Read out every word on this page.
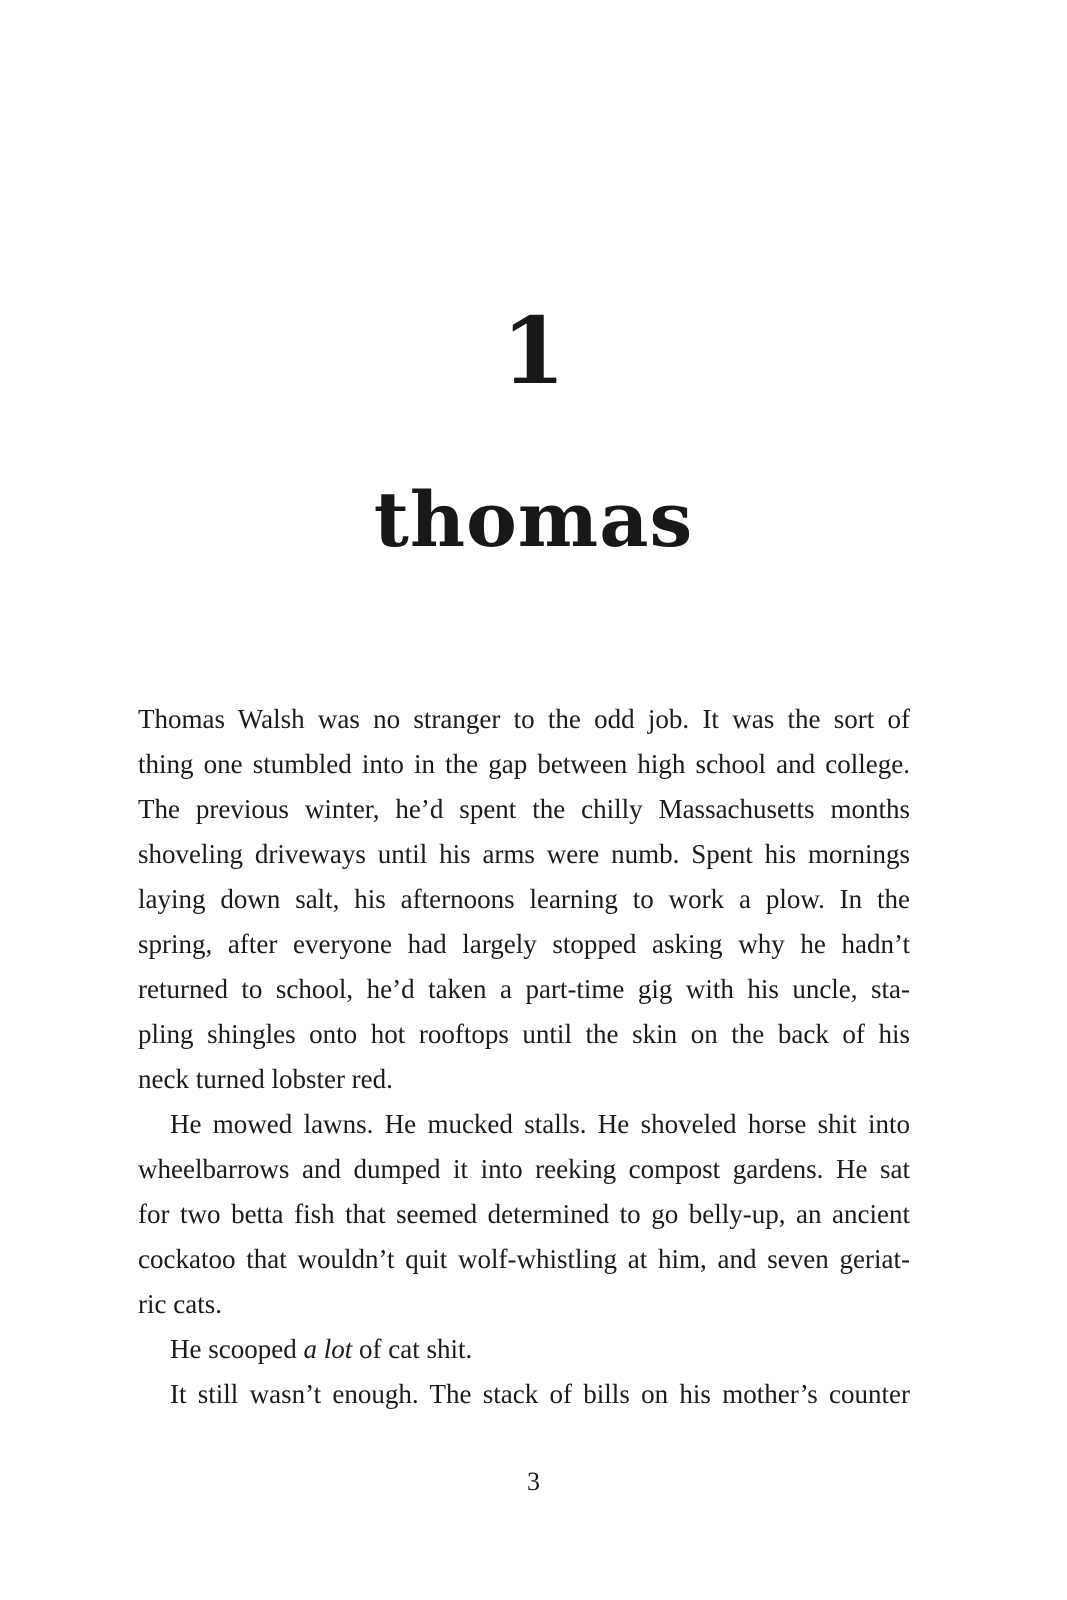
1
thomas
Thomas Walsh was no stranger to the odd job. It was the sort of
thing one stumbled into in the gap between high school and college.
The previous winter, he’d spent the chilly Massachusetts months
shoveling driveways until his arms were numb. Spent his mornings
laying down salt, his afternoons learning to work a plow. In the
spring, after everyone had largely stopped asking why he hadn’t
returned to school, he’d taken a part-time gig with his uncle, sta-
pling shingles onto hot rooftops until the skin on the back of his
neck turned lobster red.
He mowed lawns. He mucked stalls. He shoveled horse shit into
wheelbarrows and dumped it into reeking compost gardens. He sat
for two betta fish that seemed determined to go belly-up, an ancient
cockatoo that wouldn’t quit wolf-whistling at him, and seven geriat-
ric cats.
He scooped a lot of cat shit.
It still wasn’t enough. The stack of bills on his mother’s counter
3
